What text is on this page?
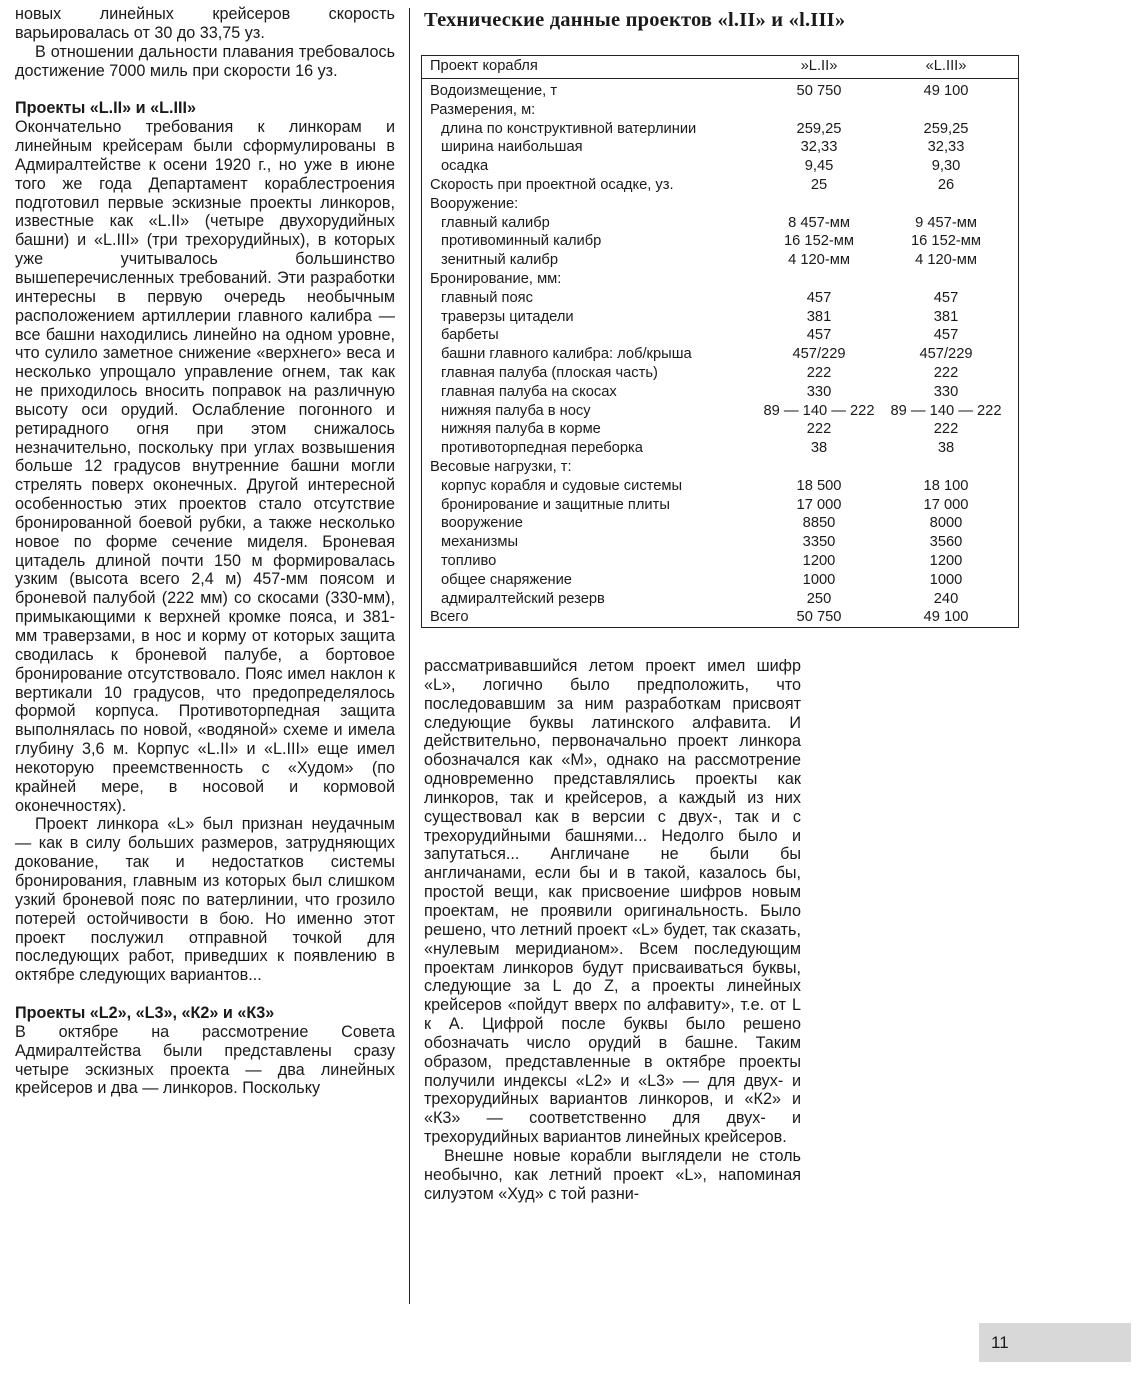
новых линейных крейсеров скорость варьировалась от 30 до 33,75 уз.

В отношении дальности плавания требовалось достижение 7000 миль при скорости 16 уз.

Проекты «L.II» и «L.III»

Окончательно требования к линкорам и линейным крейсерам были сформулированы в Адмиралтействе к осени 1920 г., но уже в июне того же года Департамент кораблестроения подготовил первые эскизные проекты линкоров, известные как «L.II» (четыре двухорудийных башни) и «L.III» (три трехорудийных), в которых уже учитывалось большинство вышеперечисленных требований. Эти разработки интересны в первую очередь необычным расположением артиллерии главного калибра — все башни находились линейно на одном уровне, что сулило заметное снижение «верхнего» веса и несколько упрощало управление огнем, так как не приходилось вносить поправок на различную высоту оси орудий. Ослабление погонного и ретирадного огня при этом снижалось незначительно, поскольку при углах возвышения больше 12 градусов внутренние башни могли стрелять поверх оконечных. Другой интересной особенностью этих проектов стало отсутствие бронированной боевой рубки, а также несколько новое по форме сечение миделя. Броневая цитадель длиной почти 150 м формировалась узким (высота всего 2,4 м) 457-мм поясом и броневой палубой (222 мм) со скосами (330-мм), примыкающими к верхней кромке пояса, и 381-мм траверзами, в нос и корму от которых защита сводилась к броневой палубе, а бортовое бронирование отсутствовало. Пояс имел наклон к вертикали 10 градусов, что предопределялось формой корпуса. Противоторпедная защита выполнялась по новой, «водяной» схеме и имела глубину 3,6 м. Корпус «L.II» и «L.III» еще имел некоторую преемственность с «Худом» (по крайней мере, в носовой и кормовой оконечностях).

Проект линкора «L» был признан неудачным — как в силу больших размеров, затрудняющих докование, так и недостатков системы бронирования, главным из которых был слишком узкий броневой пояс по ватерлинии, что грозило потерей остойчивости в бою. Но именно этот проект послужил отправной точкой для последующих работ, приведших к появлению в октябре следующих вариантов...

Проекты «L2», «L3», «К2» и «К3»

В октябре на рассмотрение Совета Адмиралтейства были представлены сразу четыре эскизных проекта — два линейных крейсеров и два — линкоров. Поскольку

Технические данные проектов «l.II» и «l.III»
Проект корабля	»L.II»	«L.III»
Водоизмещение, т	50 750	49 100
Размерения, м:
длина по конструктивной ватерлинии	259,25	259,25
ширина наибольшая	32,33	32,33
осадка	9,45	9,30
Скорость при проектной осадке, уз.	25	26
Вооружение:
главный калибр	8 457-мм	9 457-мм
противоминный калибр	16 152-мм	16 152-мм
зенитный калибр	4 120-мм	4 120-мм
Бронирование, мм:
главный пояс	457	457
траверзы цитадели	381	381
барбеты	457	457
башни главного калибра: лоб/крыша	457/229	457/229
главная палуба (плоская часть)	222	222
главная палуба на скосах	330	330
нижняя палуба в носу	89 — 140 — 222	89 — 140 — 222
нижняя палуба в корме	222	222
противоторпедная переборка	38	38
Весовые нагрузки, т:
корпус корабля и судовые системы	18 500	18 100
бронирование и защитные плиты	17 000	17 000
вооружение	8850	8000
механизмы	3350	3560
топливо	1200	1200
общее снаряжение	1000	1000
адмиралтейский резерв	250	240
Всего	50 750	49 100

рассматривавшийся летом проект имел шифр «L», логично было предположить, что последовавшим за ним разработкам присвоят следующие буквы латинского алфавита. И действительно, первоначально проект линкора обозначался как «М», однако на рассмотрение одновременно представлялись проекты как линкоров, так и крейсеров, а каждый из них существовал как в версии с двух-, так и с трехорудийными башнями... Недолго было и запутаться... Англичане не были бы англичанами, если бы и в такой, казалось бы, простой вещи, как присвоение шифров новым проектам, не проявили оригинальность. Было решено, что летний проект «L» будет, так сказать, «нулевым меридианом». Всем последующим проектам линкоров будут присваиваться буквы, следующие за L до Z, а проекты линейных крейсеров «пойдут вверх по алфавиту», т.е. от L к А. Цифрой после буквы было решено обозначать число орудий в башне. Таким образом, представленные в октябре проекты получили индексы «L2» и «L3» — для двух- и трехорудийных вариантов линкоров, и «К2» и «К3» — соответственно для двух- и трехорудийных вариантов линейных крейсеров.

Внешне новые корабли выглядели не столь необычно, как летний проект «L», напоминая силуэтом «Худ» с той разни-

11
